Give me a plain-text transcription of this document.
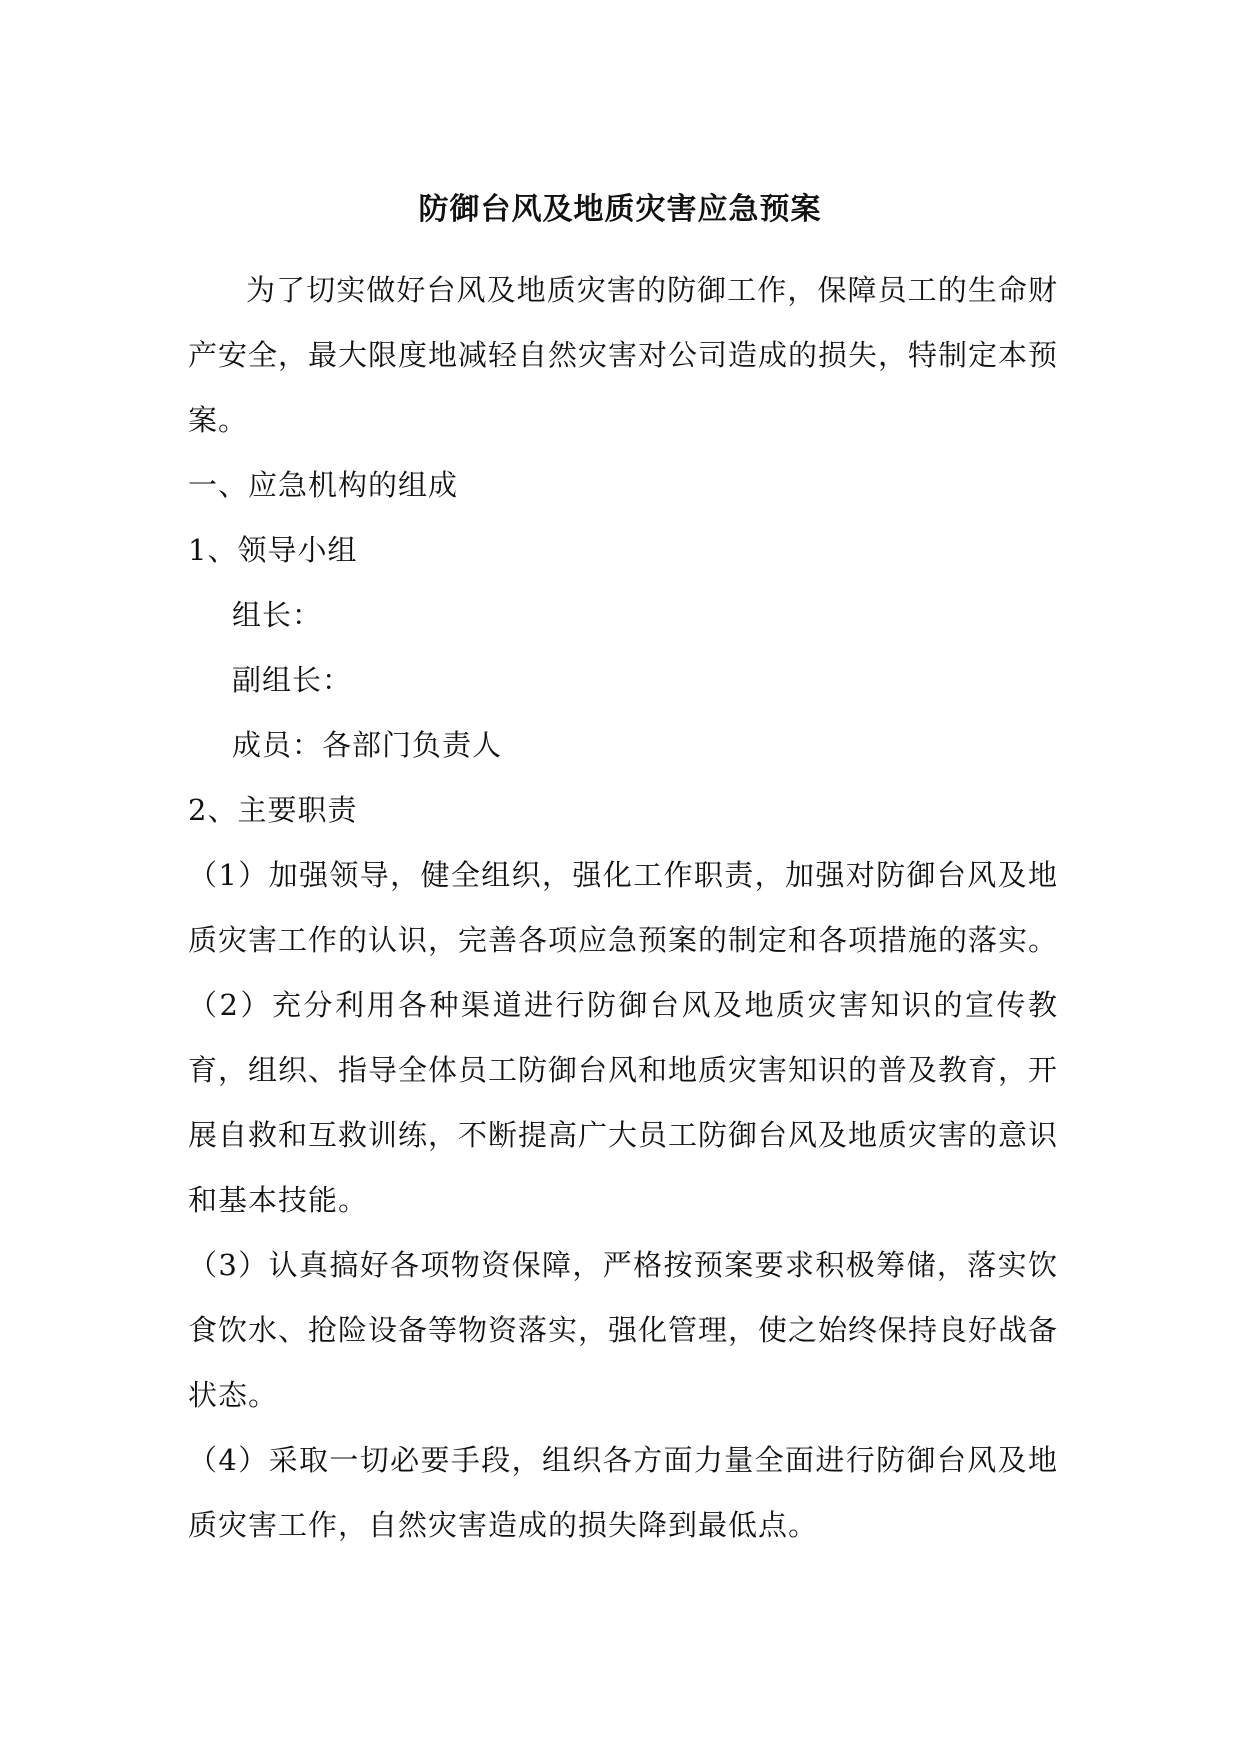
防御台风及地质灾害应急预案

为了切实做好台风及地质灾害的防御工作，保障员工的生命财产安全，最大限度地减轻自然灾害对公司造成的损失，特制定本预案。

一、应急机构的组成

1、领导小组

组长：

副组长：

成员：各部门负责人

2、主要职责

（1）加强领导，健全组织，强化工作职责，加强对防御台风及地质灾害工作的认识，完善各项应急预案的制定和各项措施的落实。

（2）充分利用各种渠道进行防御台风及地质灾害知识的宣传教育，组织、指导全体员工防御台风和地质灾害知识的普及教育，开展自救和互救训练，不断提高广大员工防御台风及地质灾害的意识和基本技能。

（3）认真搞好各项物资保障，严格按预案要求积极筹储，落实饮食饮水、抢险设备等物资落实，强化管理，使之始终保持良好战备状态。

（4）采取一切必要手段，组织各方面力量全面进行防御台风及地质灾害工作，自然灾害造成的损失降到最低点。
